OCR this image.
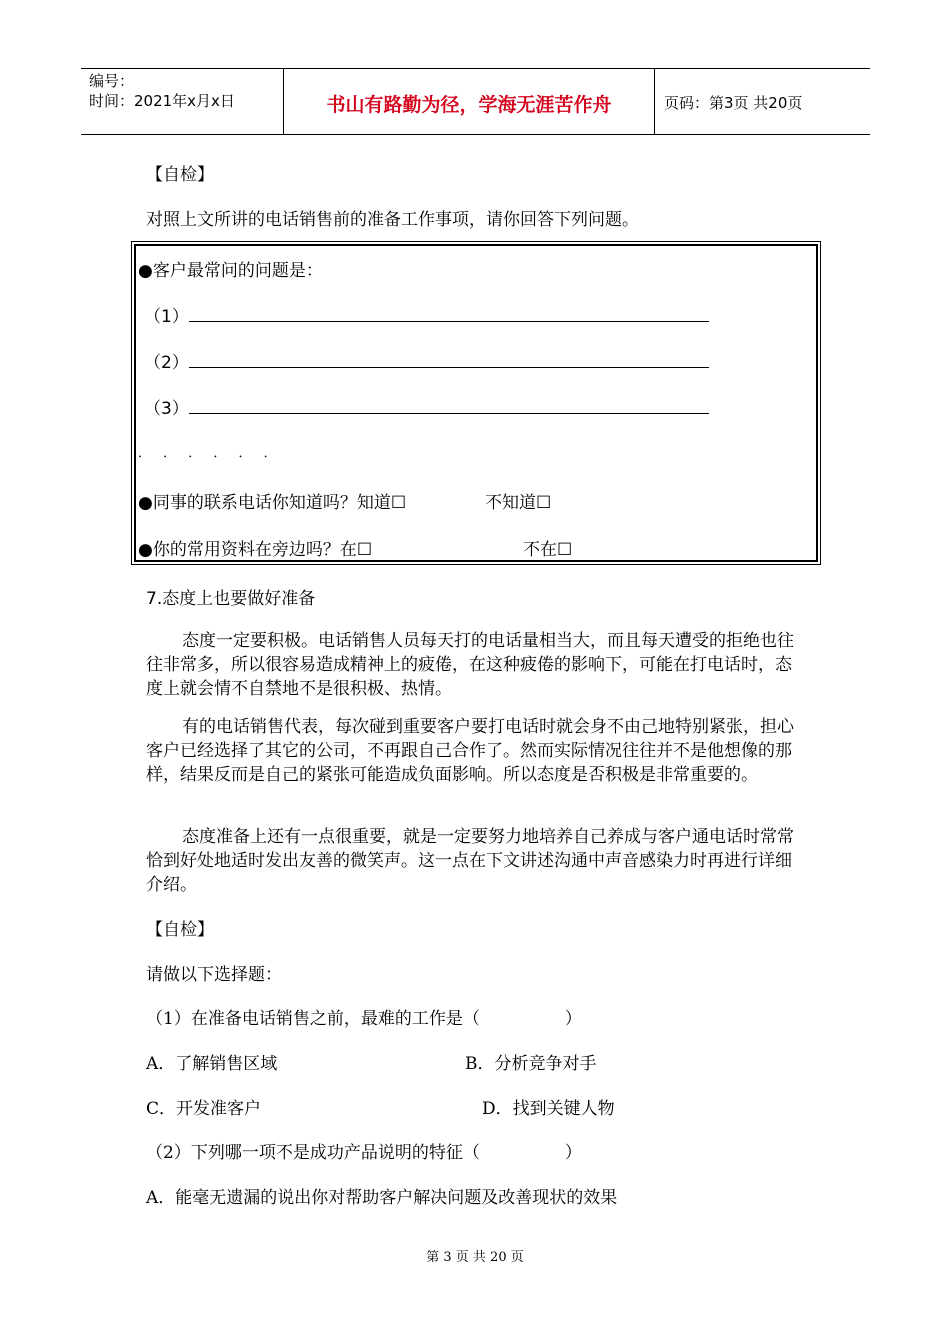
编号：
时间：2021年x月x日	书山有路勤为径，学海无涯苦作舟	页码：第3页 共20页
【自检】
对照上文所讲的电话销售前的准备工作事项，请你回答下列问题。
●客户最常问的问题是：
（1）
（2）
（3）
． ． ． ． ． ．
●同事的联系电话你知道吗？知道☐	不知道☐
●你的常用资料在旁边吗？在☐	不在☐
7.态度上也要做好准备
态度一定要积极。电话销售人员每天打的电话量相当大，而且每天遭受的拒绝也往往非常多，所以很容易造成精神上的疲倦，在这种疲倦的影响下，可能在打电话时，态度上就会情不自禁地不是很积极、热情。
有的电话销售代表，每次碰到重要客户要打电话时就会身不由己地特别紧张，担心客户已经选择了其它的公司，不再跟自己合作了。然而实际情况往往并不是他想像的那样，结果反而是自己的紧张可能造成负面影响。所以态度是否积极是非常重要的。
态度准备上还有一点很重要，就是一定要努力地培养自己养成与客户通电话时常常恰到好处地适时发出友善的微笑声。这一点在下文讲述沟通中声音感染力时再进行详细介绍。
【自检】
请做以下选择题：
（1）在准备电话销售之前，最难的工作是（　　　　　）
A．了解销售区域	B．分析竞争对手
C．开发准客户	D．找到关键人物
（2）下列哪一项不是成功产品说明的特征（　　　　　）
A．能毫无遗漏的说出你对帮助客户解决问题及改善现状的效果
第 3 页 共 20 页
